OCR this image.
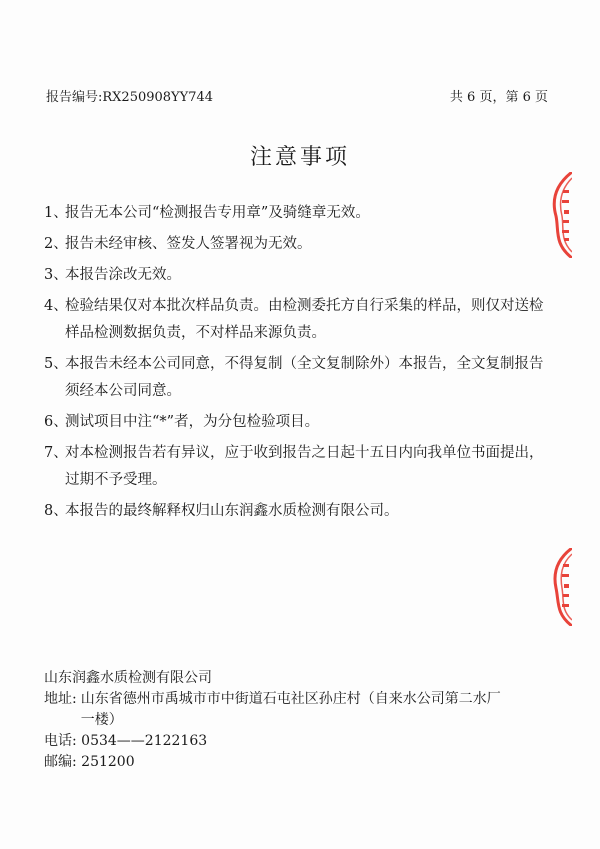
报告编号:RX250908YY744	共 6 页，第 6 页
注意事项
1、
报告无本公司“检测报告专用章”及骑缝章无效。
2、
报告未经审核、签发人签署视为无效。
3、
本报告涂改无效。
4、
检验结果仅对本批次样品负责。由检测委托方自行采集的样品，则仅对送检样品检测数据负责，不对样品来源负责。
5、
本报告未经本公司同意，不得复制（全文复制除外）本报告，全文复制报告须经本公司同意。
6、
测试项目中注“*”者，为分包检验项目。
7、
对本检测报告若有异议，应于收到报告之日起十五日内向我单位书面提出，过期不予受理。
8、
本报告的最终解释权归山东润鑫水质检测有限公司。
山东润鑫水质检测有限公司
地址: 山东省德州市禹城市市中街道石屯社区孙庄村（自来水公司第二水厂一楼）
电话: 0534——2122163
邮编: 251200
